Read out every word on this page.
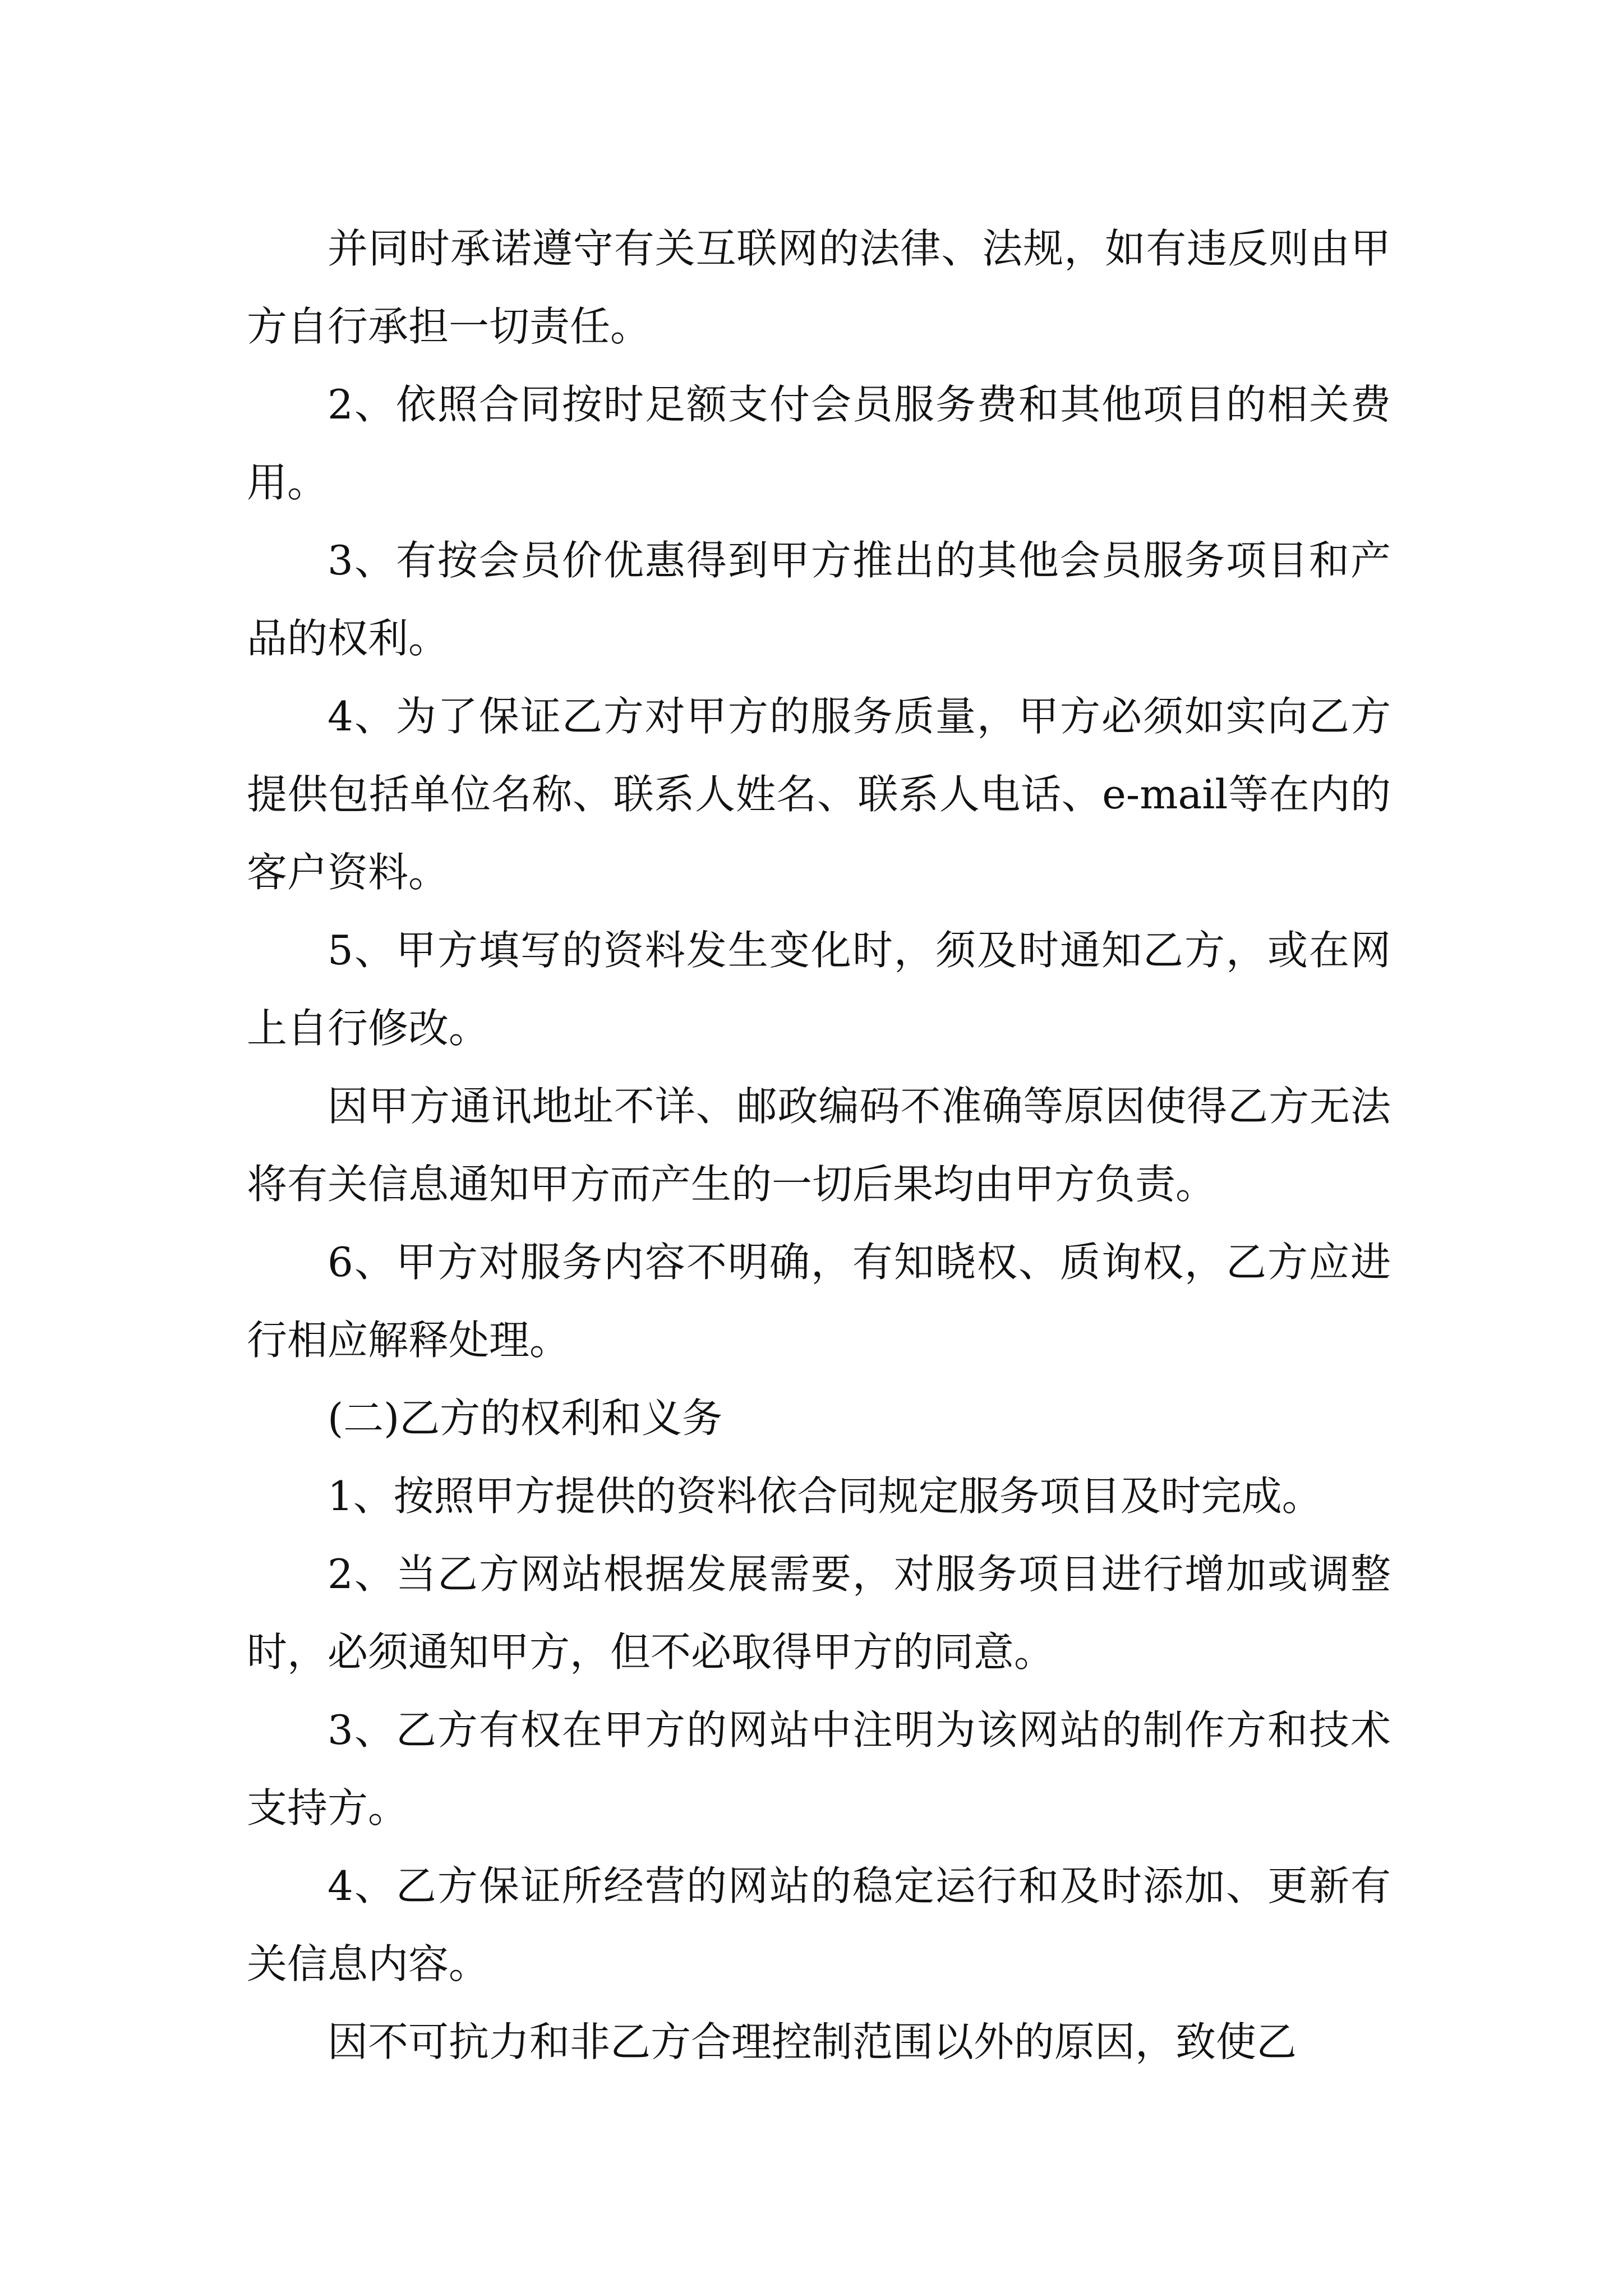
并同时承诺遵守有关互联网的法律、法规，如有违反则由甲方自行承担一切责任。

2、依照合同按时足额支付会员服务费和其他项目的相关费用。

3、有按会员价优惠得到甲方推出的其他会员服务项目和产品的权利。

4、为了保证乙方对甲方的服务质量，甲方必须如实向乙方提供包括单位名称、联系人姓名、联系人电话、e-mail等在内的客户资料。

5、甲方填写的资料发生变化时，须及时通知乙方，或在网上自行修改。

因甲方通讯地址不详、邮政编码不准确等原因使得乙方无法将有关信息通知甲方而产生的一切后果均由甲方负责。

6、甲方对服务内容不明确，有知晓权、质询权，乙方应进行相应解释处理。

(二)乙方的权利和义务

1、按照甲方提供的资料依合同规定服务项目及时完成。

2、当乙方网站根据发展需要，对服务项目进行增加或调整时，必须通知甲方，但不必取得甲方的同意。

3、乙方有权在甲方的网站中注明为该网站的制作方和技术支持方。

4、乙方保证所经营的网站的稳定运行和及时添加、更新有关信息内容。

因不可抗力和非乙方合理控制范围以外的原因，致使乙
